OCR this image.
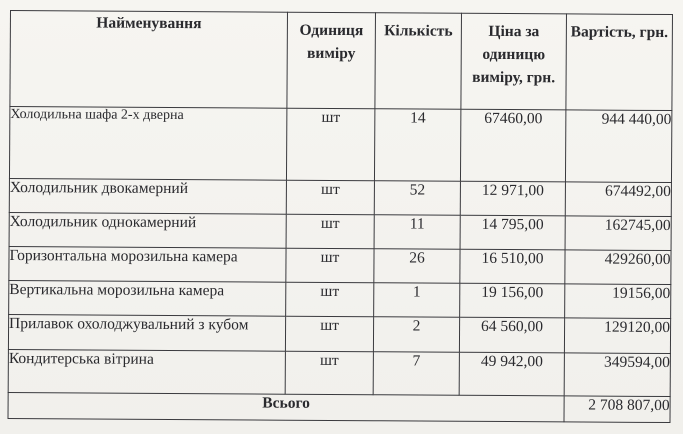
Найменування	Одиниця виміру	Кількість	Ціна за одиницю виміру, грн.	Вартість, грн.

Холодильна шафа 2-х дверна	шт	14	67460,00	944 440,00
Холодильник двокамерний	шт	52	12 971,00	674492,00
Холодильник однокамерний	шт	11	14 795,00	162745,00
Горизонтальна морозильна камера	шт	26	16 510,00	429260,00
Вертикальна морозильна камера	шт	1	19 156,00	19156,00
Прилавок охолоджувальний з кубом	шт	2	64 560,00	129120,00
Кондитерська вітрина	шт	7	49 942,00	349594,00
Всього				2 708 807,00
